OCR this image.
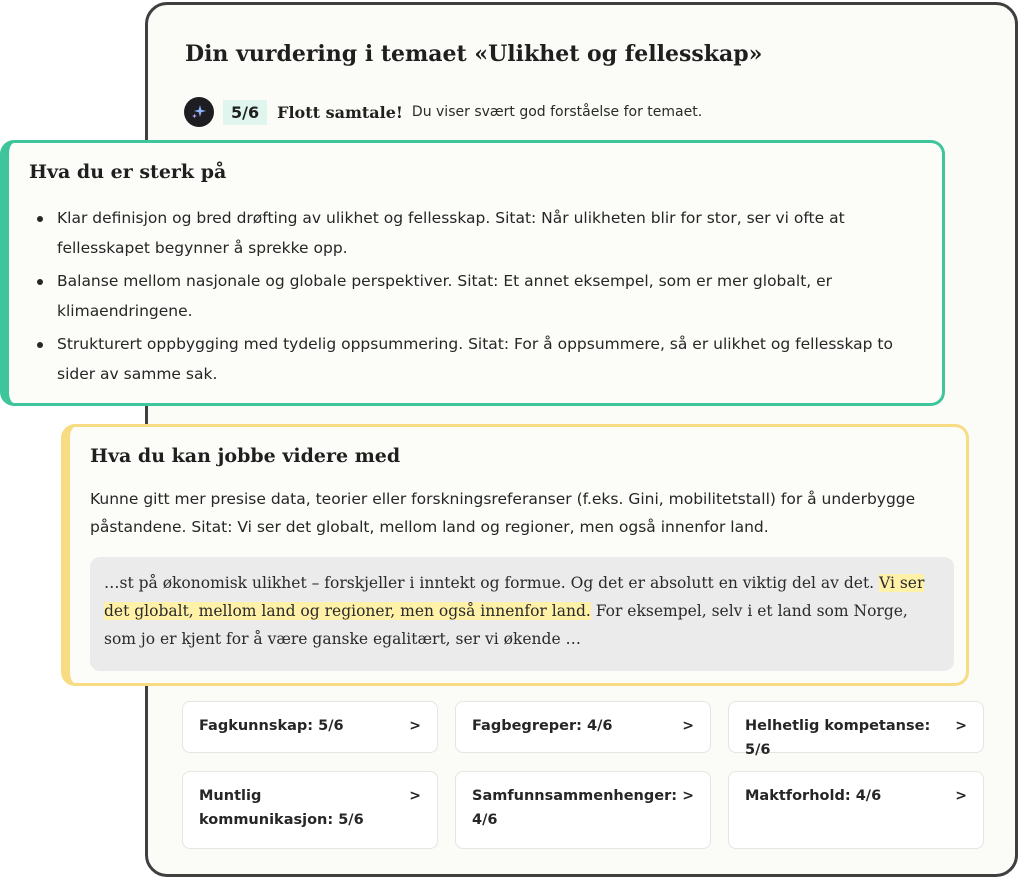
Din vurdering i temaet «Ulikhet og fellesskap»
5/6	Flott samtale! Du viser svært god forståelse for temaet.
Hva du er sterk på
Klar definisjon og bred drøfting av ulikhet og fellesskap. Sitat: Når ulikheten blir for stor, ser vi ofte at fellesskapet begynner å sprekke opp.
Balanse mellom nasjonale og globale perspektiver. Sitat: Et annet eksempel, som er mer globalt, er klimaendringene.
Strukturert oppbygging med tydelig oppsummering. Sitat: For å oppsummere, så er ulikhet og fellesskap to sider av samme sak.
Hva du kan jobbe videre med

Kunne gitt mer presise data, teorier eller forskningsreferanser (f.eks. Gini, mobilitetstall) for å underbygge påstandene. Sitat: Vi ser det globalt, mellom land og regioner, men også innenfor land.

…st på økonomisk ulikhet – forskjeller i inntekt og formue. Og det er absolutt en viktig del av det. Vi ser det globalt, mellom land og regioner, men også innenfor land. For eksempel, selv i et land som Norge, som jo er kjent for å være ganske egalitært, ser vi økende …
Fagkunnskap: 5/6	>	Fagbegreper: 4/6	>	Helhetlig kompetanse: 5/6
>
Muntlig kommunikasjon: 5/6
>	Samfunnsammenhenger: 4/6
>	Maktforhold: 4/6	>
